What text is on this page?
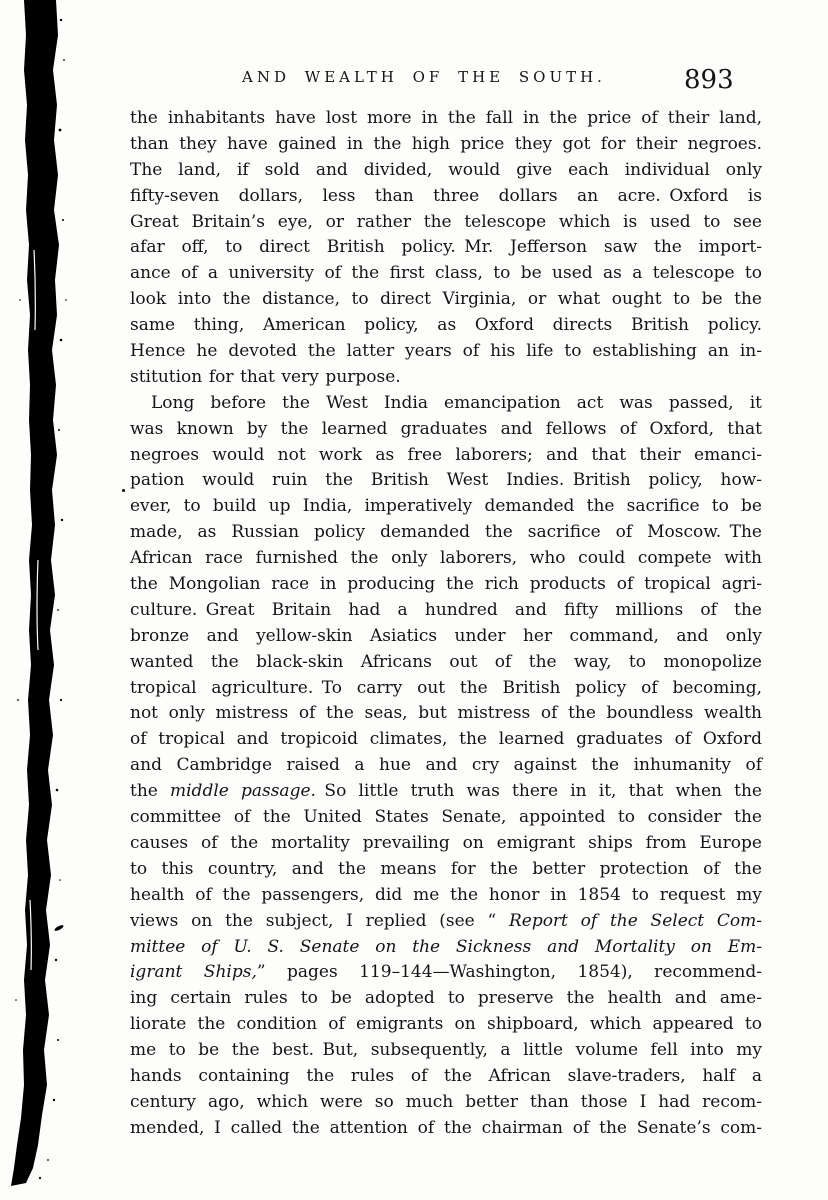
AND WEALTH OF THE SOUTH.	893
the inhabitants have lost more in the fall in the price of their land,
than they have gained in the high price they got for their negroes.
The land, if sold and divided, would give each individual only
fifty-seven dollars, less than three dollars an acre. Oxford is
Great Britain’s eye, or rather the telescope which is used to see
afar off, to direct British policy. Mr. Jefferson saw the import-
ance of a university of the first class, to be used as a telescope to
look into the distance, to direct Virginia, or what ought to be the
same thing, American policy, as Oxford directs British policy.
Hence he devoted the latter years of his life to establishing an in-
stitution for that very purpose.
Long before the West India emancipation act was passed, it
was known by the learned graduates and fellows of Oxford, that
negroes would not work as free laborers; and that their emanci-
pation would ruin the British West Indies. British policy, how-
ever, to build up India, imperatively demanded the sacrifice to be
made, as Russian policy demanded the sacrifice of Moscow. The
African race furnished the only laborers, who could compete with
the Mongolian race in producing the rich products of tropical agri-
culture. Great Britain had a hundred and fifty millions of the
bronze and yellow-skin Asiatics under her command, and only
wanted the black-skin Africans out of the way, to monopolize
tropical agriculture. To carry out the British policy of becoming,
not only mistress of the seas, but mistress of the boundless wealth
of tropical and tropicoid climates, the learned graduates of Oxford
and Cambridge raised a hue and cry against the inhumanity of
the middle passage. So little truth was there in it, that when the
committee of the United States Senate, appointed to consider the
causes of the mortality prevailing on emigrant ships from Europe
to this country, and the means for the better protection of the
health of the passengers, did me the honor in 1854 to request my
views on the subject, I replied (see “ Report of the Select Com-
mittee of U. S. Senate on the Sickness and Mortality on Em-
igrant Ships,” pages 119–144—Washington, 1854), recommend-
ing certain rules to be adopted to preserve the health and ame-
liorate the condition of emigrants on shipboard, which appeared to
me to be the best. But, subsequently, a little volume fell into my
hands containing the rules of the African slave-traders, half a
century ago, which were so much better than those I had recom-
mended, I called the attention of the chairman of the Senate’s com-
